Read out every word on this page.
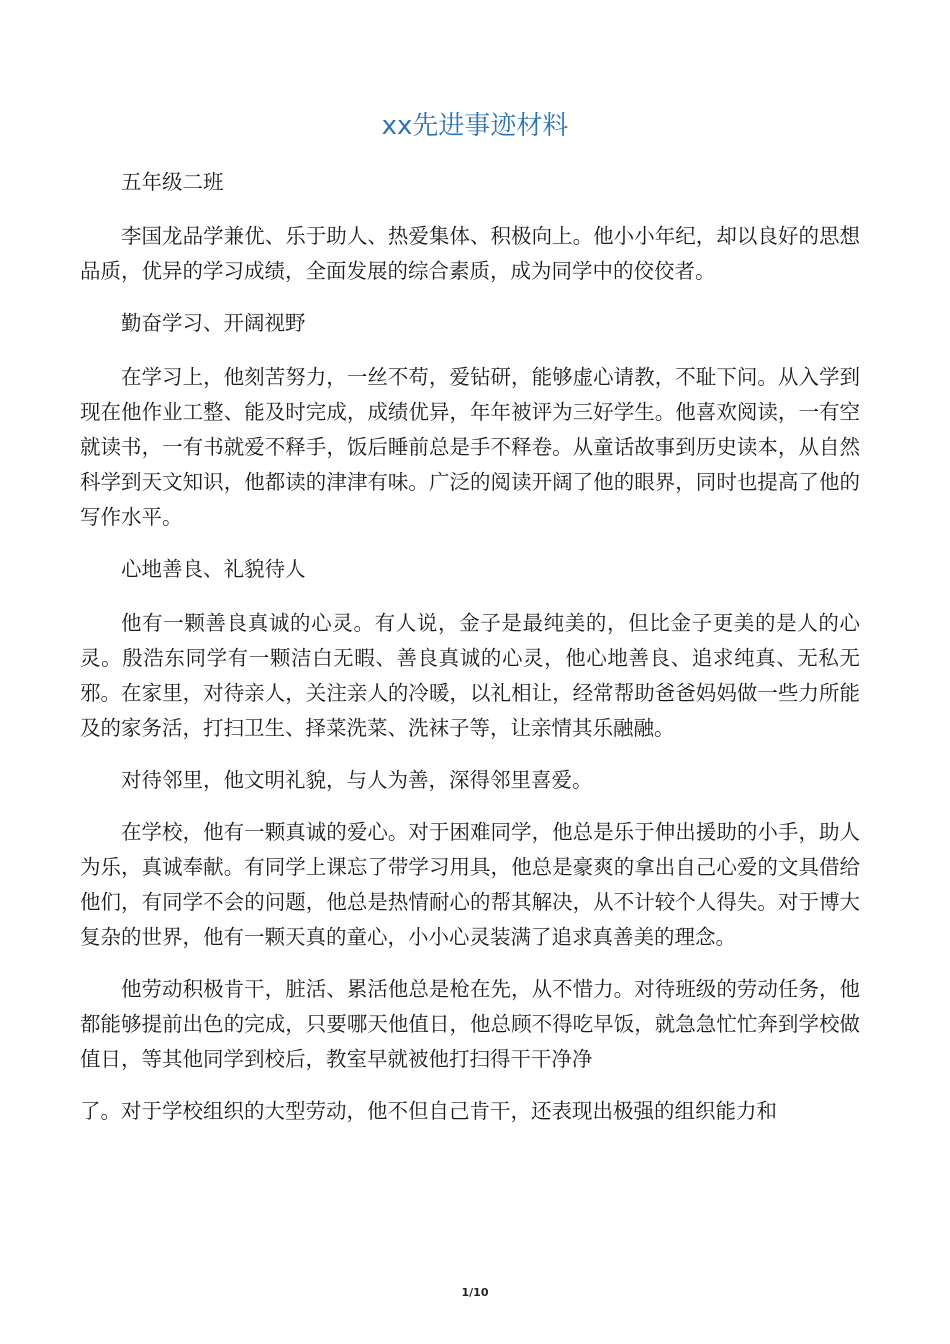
xx先进事迹材料

五年级二班

李国龙品学兼优、乐于助人、热爱集体、积极向上。他小小年纪，却以良好的思想品质，优异的学习成绩，全面发展的综合素质，成为同学中的佼佼者。

勤奋学习、开阔视野

在学习上，他刻苦努力，一丝不苟，爱钻研，能够虚心请教，不耻下问。从入学到现在他作业工整、能及时完成，成绩优异，年年被评为三好学生。他喜欢阅读，一有空就读书，一有书就爱不释手，饭后睡前总是手不释卷。从童话故事到历史读本，从自然科学到天文知识，他都读的津津有味。广泛的阅读开阔了他的眼界，同时也提高了他的写作水平。

心地善良、礼貌待人

他有一颗善良真诚的心灵。有人说，金子是最纯美的，但比金子更美的是人的心灵。殷浩东同学有一颗洁白无暇、善良真诚的心灵，他心地善良、追求纯真、无私无邪。在家里，对待亲人，关注亲人的冷暖，以礼相让，经常帮助爸爸妈妈做一些力所能及的家务活，打扫卫生、择菜洗菜、洗袜子等，让亲情其乐融融。

对待邻里，他文明礼貌，与人为善，深得邻里喜爱。

在学校，他有一颗真诚的爱心。对于困难同学，他总是乐于伸出援助的小手，助人为乐，真诚奉献。有同学上课忘了带学习用具，他总是豪爽的拿出自己心爱的文具借给他们，有同学不会的问题，他总是热情耐心的帮其解决，从不计较个人得失。对于博大复杂的世界，他有一颗天真的童心，小小心灵装满了追求真善美的理念。

他劳动积极肯干，脏活、累活他总是枪在先，从不惜力。对待班级的劳动任务，他都能够提前出色的完成，只要哪天他值日，他总顾不得吃早饭，就急急忙忙奔到学校做值日，等其他同学到校后，教室早就被他打扫得干干净净

了。对于学校组织的大型劳动，他不但自己肯干，还表现出极强的组织能力和

1/10
